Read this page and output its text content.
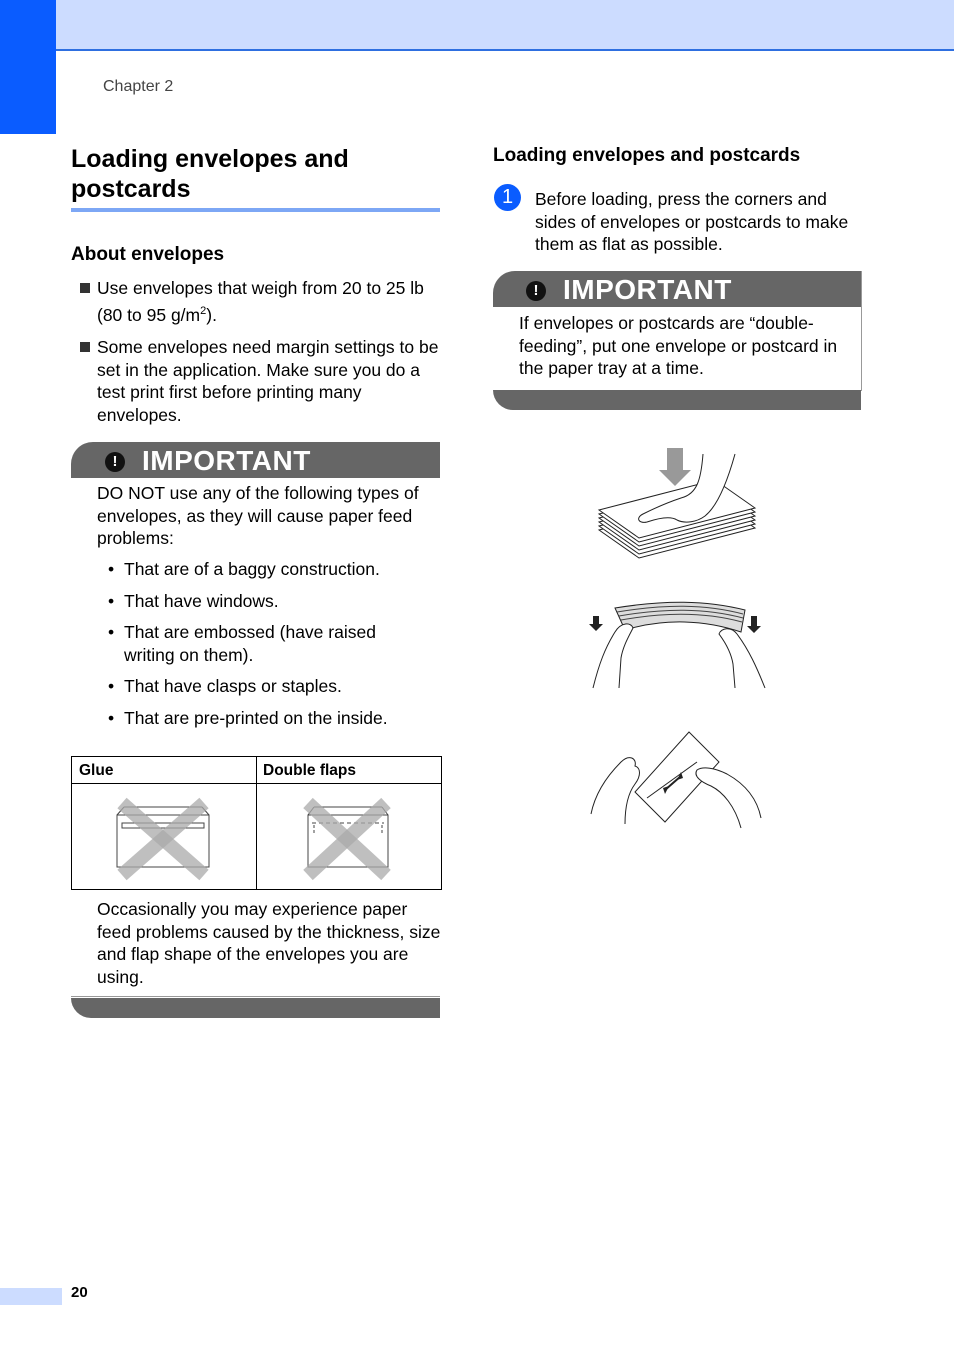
Chapter 2
Loading envelopes and postcards
About envelopes
Use envelopes that weigh from 20 to 25 lb (80 to 95 $g/m^2$).
Some envelopes need margin settings to be set in the application. Make sure you do a test print first before printing many envelopes.
! IMPORTANT
DO NOT use any of the following types of envelopes, as they will cause paper feed problems:
• That are of a baggy construction.
• That have windows.
• That are embossed (have raised writing on them).
• That have clasps or staples.
• That are pre-printed on the inside.
Glue	Double flaps
Occasionally you may experience paper feed problems caused by the thickness, size and flap shape of the envelopes you are using.
Loading envelopes and postcards
1	Before loading, press the corners and sides of envelopes or postcards to make them as flat as possible.
! IMPORTANT
If envelopes or postcards are “double-feeding”, put one envelope or postcard in the paper tray at a time.
20
